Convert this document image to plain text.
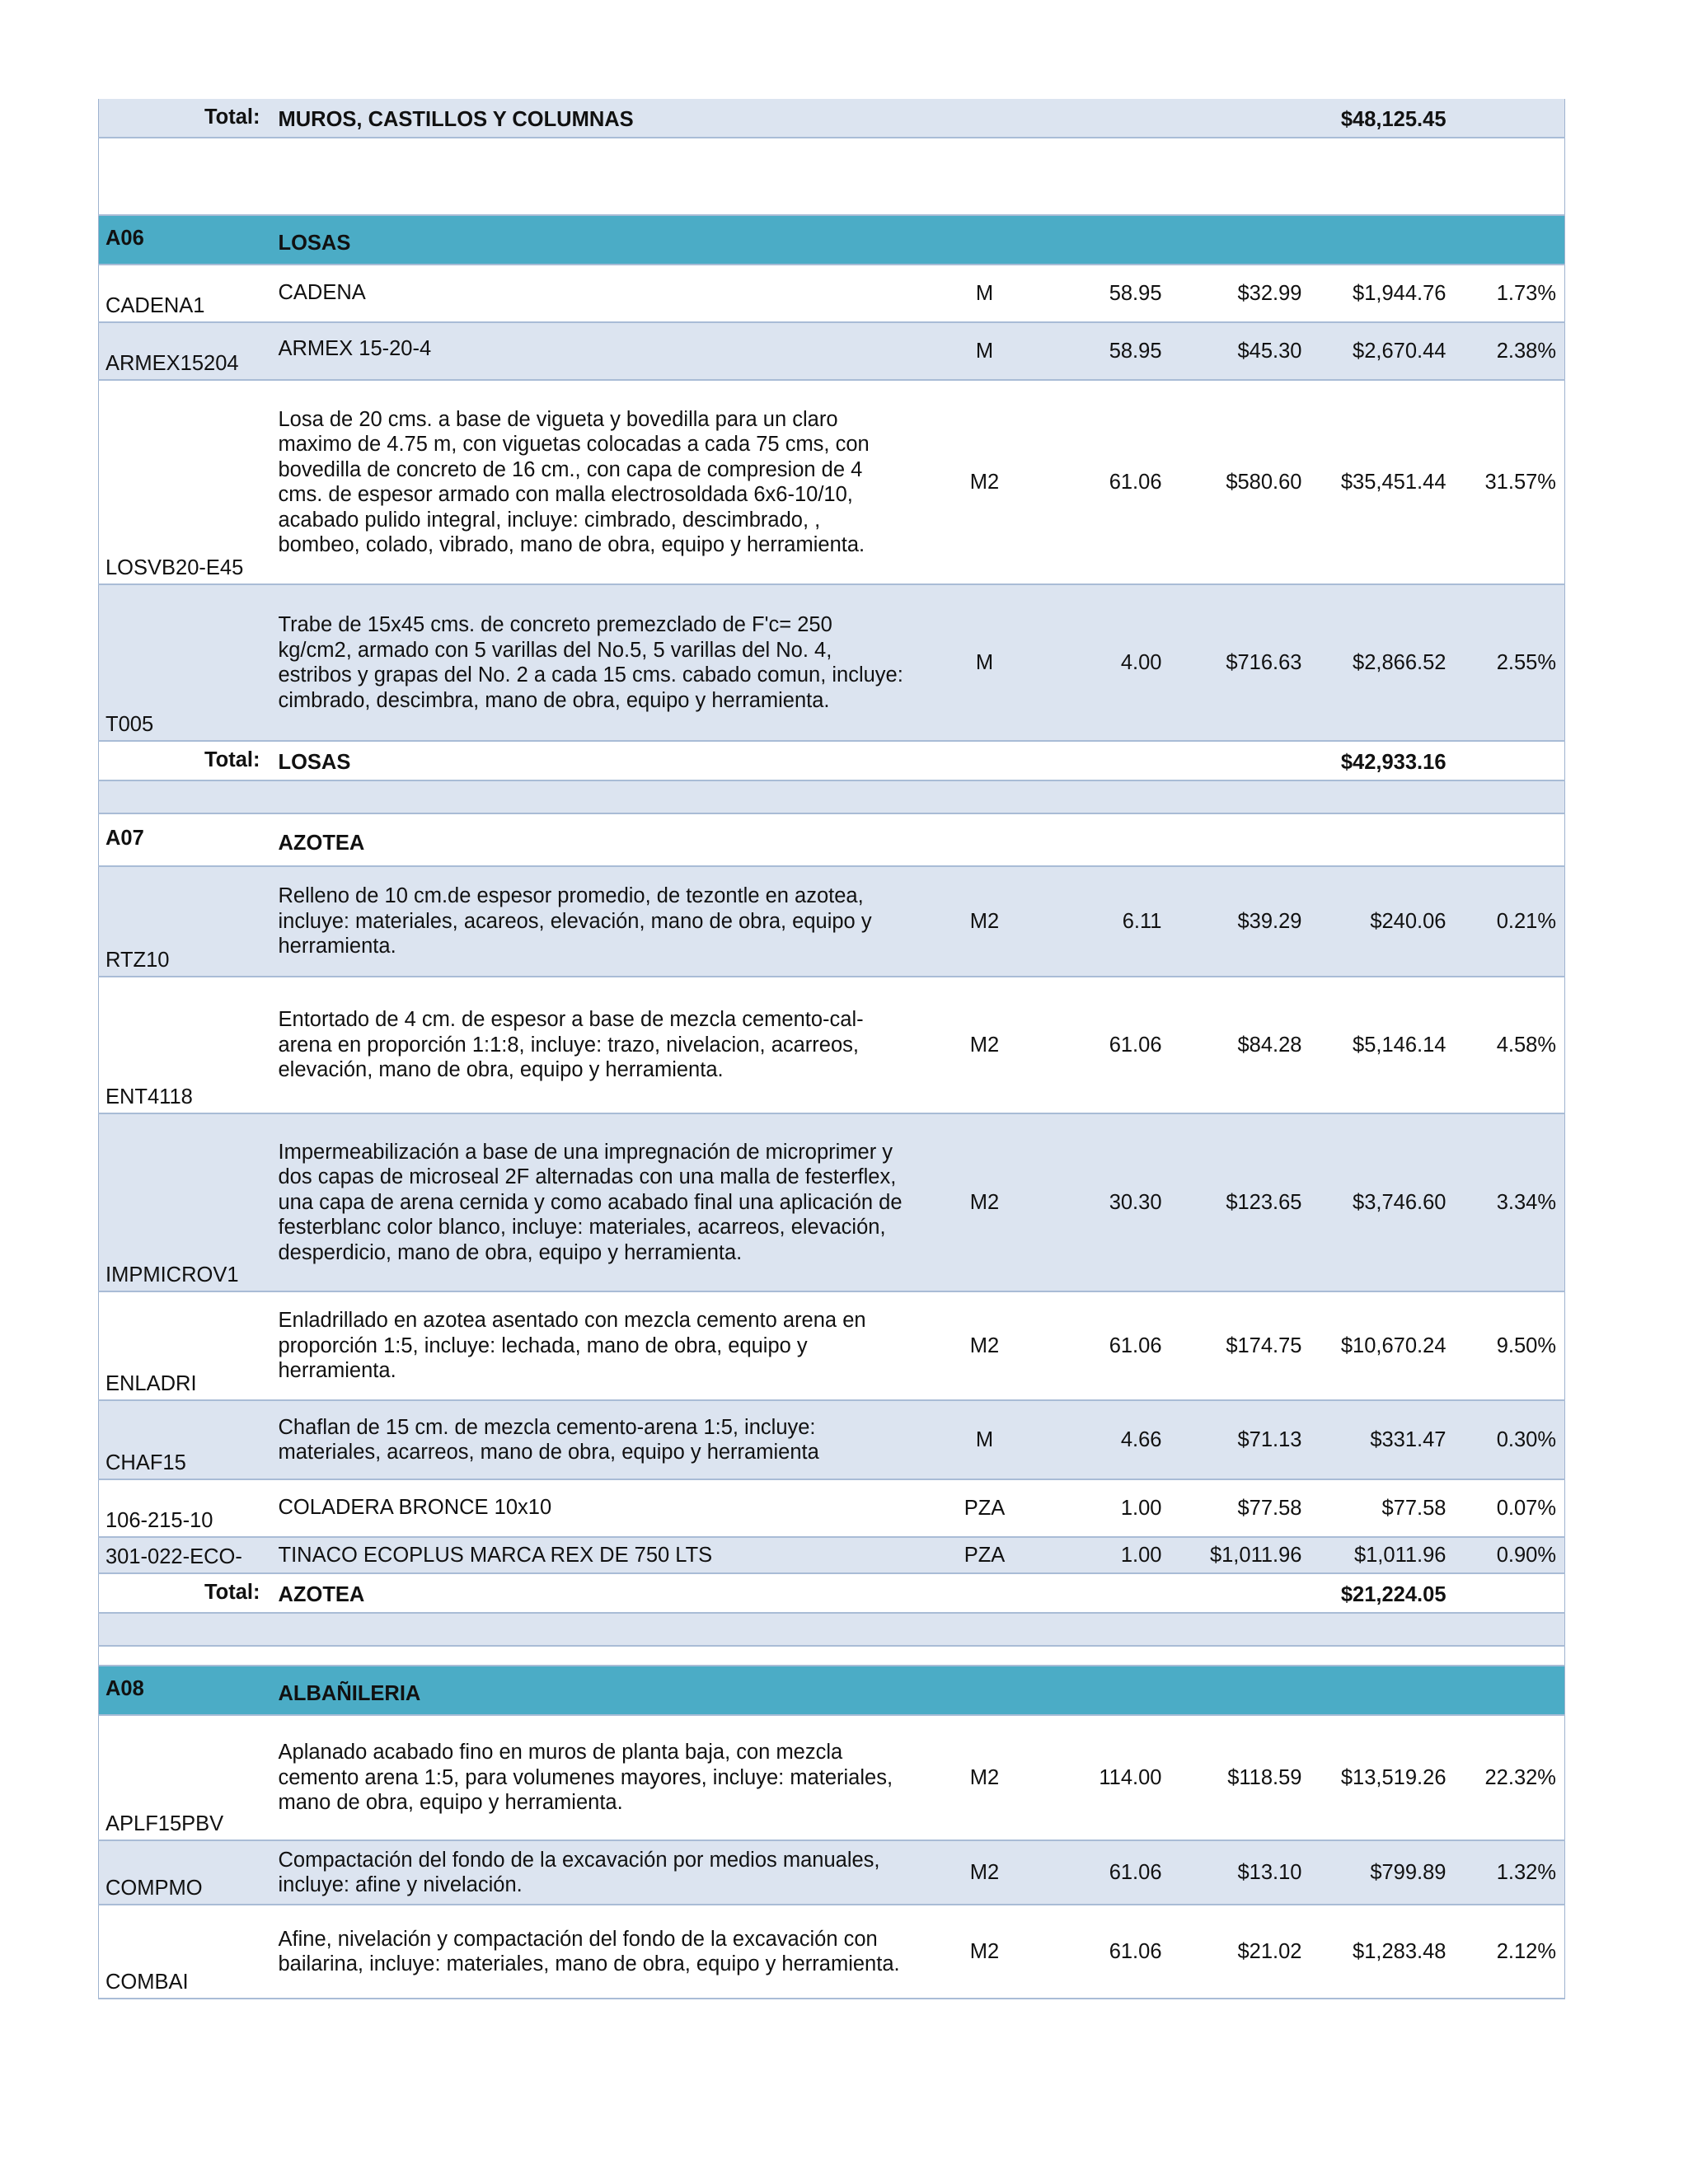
Total:	MUROS, CASTILLOS Y COLUMNAS				$48,125.45	

A06	LOSAS					
CADENA1	CADENA	M	58.95	$32.99	$1,944.76	1.73%
ARMEX15204	ARMEX 15-20-4	M	58.95	$45.30	$2,670.44	2.38%
LOSVB20-E45	Losa de 20 cms. a base de vigueta y bovedilla para un claro maximo de 4.75 m, con viguetas colocadas a cada 75 cms, con bovedilla de concreto de 16 cm., con capa de compresion de 4 cms. de espesor armado con malla electrosoldada 6x6-10/10, acabado pulido integral, incluye: cimbrado, descimbrado, , bombeo, colado, vibrado, mano de obra, equipo y herramienta.	M2	61.06	$580.60	$35,451.44	31.57%
T005	Trabe de 15x45 cms. de concreto premezclado de F'c= 250 kg/cm2, armado con 5 varillas del No.5, 5 varillas del No. 4, estribos y grapas del No. 2 a cada 15 cms. cabado comun, incluye: cimbrado, descimbra, mano de obra, equipo y herramienta.	M	4.00	$716.63	$2,866.52	2.55%
Total:	LOSAS				$42,933.16	

A07	AZOTEA					
RTZ10	Relleno de 10 cm.de espesor promedio, de tezontle en azotea, incluye: materiales, acareos, elevación, mano de obra, equipo y herramienta.	M2	6.11	$39.29	$240.06	0.21%
ENT4118	Entortado de 4 cm. de espesor a base de mezcla cemento-cal-arena en proporción 1:1:8, incluye: trazo, nivelacion, acarreos, elevación, mano de obra, equipo y herramienta.	M2	61.06	$84.28	$5,146.14	4.58%
IMPMICROV1	Impermeabilización a base de una impregnación de microprimer y dos capas de microseal 2F alternadas con una malla de festerflex, una capa de arena cernida y como acabado final una aplicación de festerblanc color blanco, incluye: materiales, acarreos, elevación, desperdicio, mano de obra, equipo y herramienta.	M2	30.30	$123.65	$3,746.60	3.34%
ENLADRI	Enladrillado en azotea asentado con mezcla cemento arena en proporción 1:5, incluye: lechada, mano de obra, equipo y herramienta.	M2	61.06	$174.75	$10,670.24	9.50%
CHAF15	Chaflan de 15 cm. de mezcla cemento-arena 1:5, incluye: materiales, acarreos, mano de obra, equipo y herramienta	M	4.66	$71.13	$331.47	0.30%
106-215-10	COLADERA BRONCE 10x10	PZA	1.00	$77.58	$77.58	0.07%
301-022-ECO-	TINACO ECOPLUS MARCA REX DE 750 LTS	PZA	1.00	$1,011.96	$1,011.96	0.90%
Total:	AZOTEA				$21,224.05	

A08	ALBAÑILERIA					
APLF15PBV	Aplanado acabado fino en muros de planta baja, con mezcla cemento arena 1:5, para volumenes mayores, incluye: materiales, mano de obra, equipo y herramienta.	M2	114.00	$118.59	$13,519.26	22.32%
COMPMO	Compactación del fondo de la excavación por medios manuales, incluye: afine y nivelación.	M2	61.06	$13.10	$799.89	1.32%
COMBAI	Afine, nivelación y compactación del fondo de la excavación con bailarina, incluye: materiales, mano de obra, equipo y herramienta.	M2	61.06	$21.02	$1,283.48	2.12%
